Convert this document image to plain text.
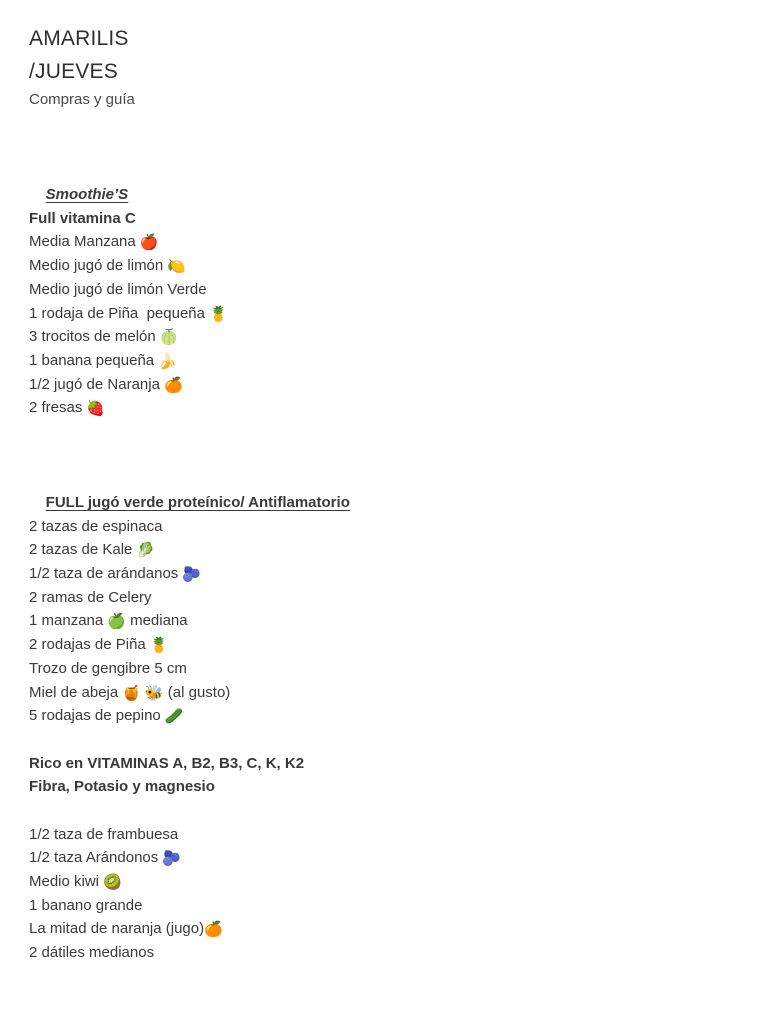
AMARILIS
/JUEVES
Compras y guía

Smoothie’S

Full vitamina C
Media Manzana 🍎
Medio jugó de limón 🍋
Medio jugó de limón Verde
1 rodaja de Piña  pequeña 🍍
3 trocitos de melón 🍈
1 banana pequeña 🍌
1/2 jugó de Naranja 🍊
2 fresas 🍓

FULL jugó verde proteínico/ Antiflamatorio

2 tazas de espinaca
2 tazas de Kale 🥬
1/2 taza de arándanos 🫐
2 ramas de Celery
1 manzana 🍏 mediana
2 rodajas de Piña 🍍
Trozo de gengibre 5 cm
Miel de abeja 🍯 🐝 (al gusto)
5 rodajas de pepino 🥒
Rico en VITAMINAS A, B2, B3, C, K, K2
Fibra, Potasio y magnesio
1/2 taza de frambuesa
1/2 taza Arándonos 🫐
Medio kiwi 🥝
1 banano grande
La mitad de naranja (jugo)🍊
2 dátiles medianos
